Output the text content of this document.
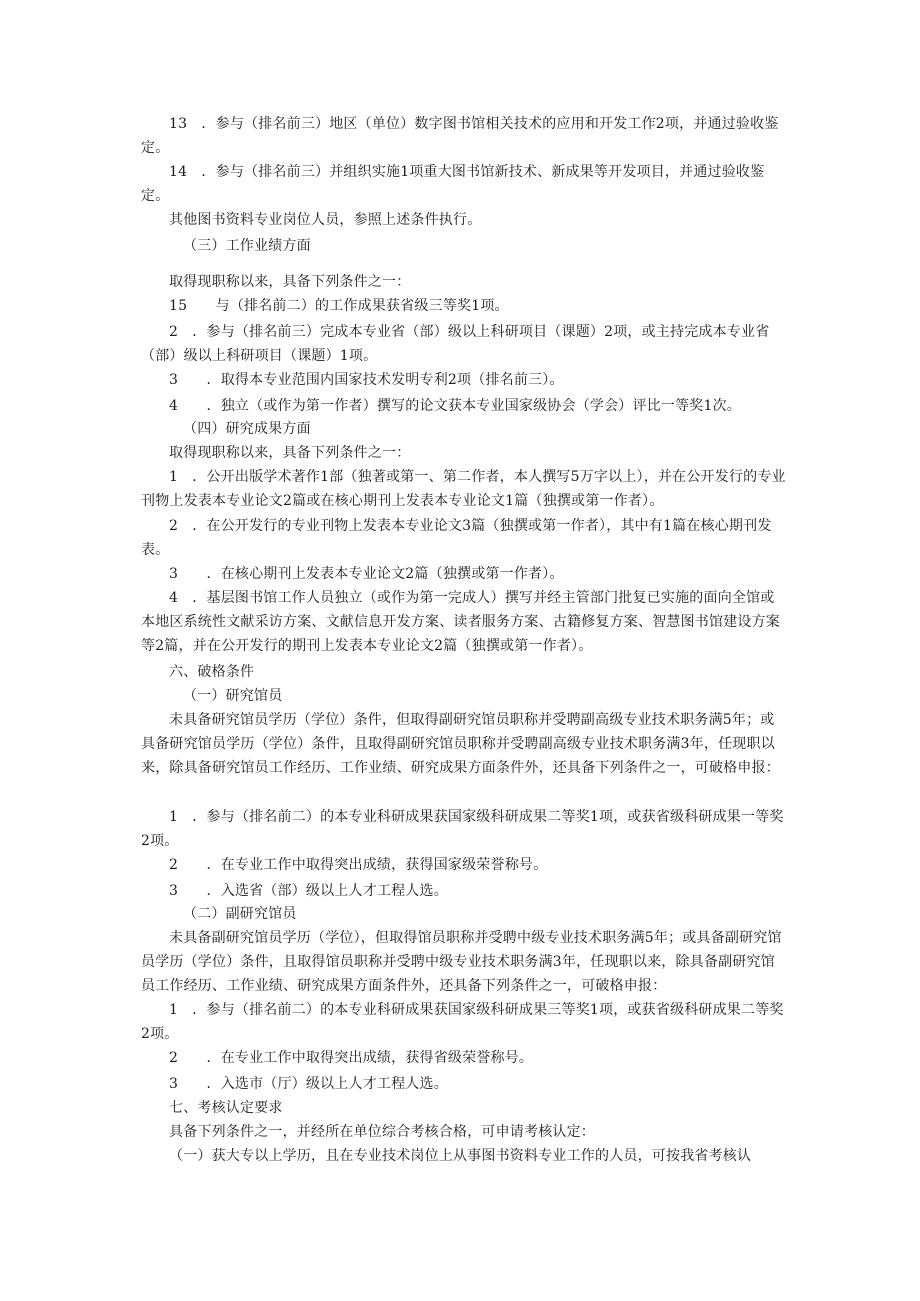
13　．参与（排名前三）地区（单位）数字图书馆相关技术的应用和开发工作2项，并通过验收鉴定。
14　．参与（排名前三）并组织实施1项重大图书馆新技术、新成果等开发项目，并通过验收鉴定。
其他图书资料专业岗位人员，参照上述条件执行。
（三）工作业绩方面
取得现职称以来，具备下列条件之一：
15　　与（排名前二）的工作成果获省级三等奖1项。
2　．参与（排名前三）完成本专业省（部）级以上科研项目（课题）2项，或主持完成本专业省（部）级以上科研项目（课题）1项。
3　　．取得本专业范围内国家技术发明专利2项（排名前三）。
4　　．独立（或作为第一作者）撰写的论文获本专业国家级协会（学会）评比一等奖1次。
（四）研究成果方面
取得现职称以来，具备下列条件之一：
1　．公开出版学术著作1部（独著或第一、第二作者，本人撰写5万字以上），并在公开发行的专业刊物上发表本专业论文2篇或在核心期刊上发表本专业论文1篇（独撰或第一作者）。
2　．在公开发行的专业刊物上发表本专业论文3篇（独撰或第一作者），其中有1篇在核心期刊发表。
3　　．在核心期刊上发表本专业论文2篇（独撰或第一作者）。
4　．基层图书馆工作人员独立（或作为第一完成人）撰写并经主管部门批复已实施的面向全馆或本地区系统性文献采访方案、文献信息开发方案、读者服务方案、古籍修复方案、智慧图书馆建设方案等2篇，并在公开发行的期刊上发表本专业论文2篇（独撰或第一作者）。
六、破格条件
（一）研究馆员
未具备研究馆员学历（学位）条件，但取得副研究馆员职称并受聘副高级专业技术职务满5年；或具备研究馆员学历（学位）条件，且取得副研究馆员职称并受聘副高级专业技术职务满3年，任现职以来，除具备研究馆员工作经历、工作业绩、研究成果方面条件外，还具备下列条件之一，可破格申报：
1　．参与（排名前二）的本专业科研成果获国家级科研成果二等奖1项，或获省级科研成果一等奖2项。
2　　．在专业工作中取得突出成绩，获得国家级荣誉称号。
3　　．入选省（部）级以上人才工程人选。
（二）副研究馆员
未具备副研究馆员学历（学位），但取得馆员职称并受聘中级专业技术职务满5年；或具备副研究馆员学历（学位）条件，且取得馆员职称并受聘中级专业技术职务满3年，任现职以来，除具备副研究馆员工作经历、工作业绩、研究成果方面条件外，还具备下列条件之一，可破格申报：
1　．参与（排名前二）的本专业科研成果获国家级科研成果三等奖1项，或获省级科研成果二等奖2项。
2　　．在专业工作中取得突出成绩，获得省级荣誉称号。
3　　．入选市（厅）级以上人才工程人选。
七、考核认定要求
具备下列条件之一，并经所在单位综合考核合格，可申请考核认定：
（一）获大专以上学历，且在专业技术岗位上从事图书资料专业工作的人员，可按我省考核认
